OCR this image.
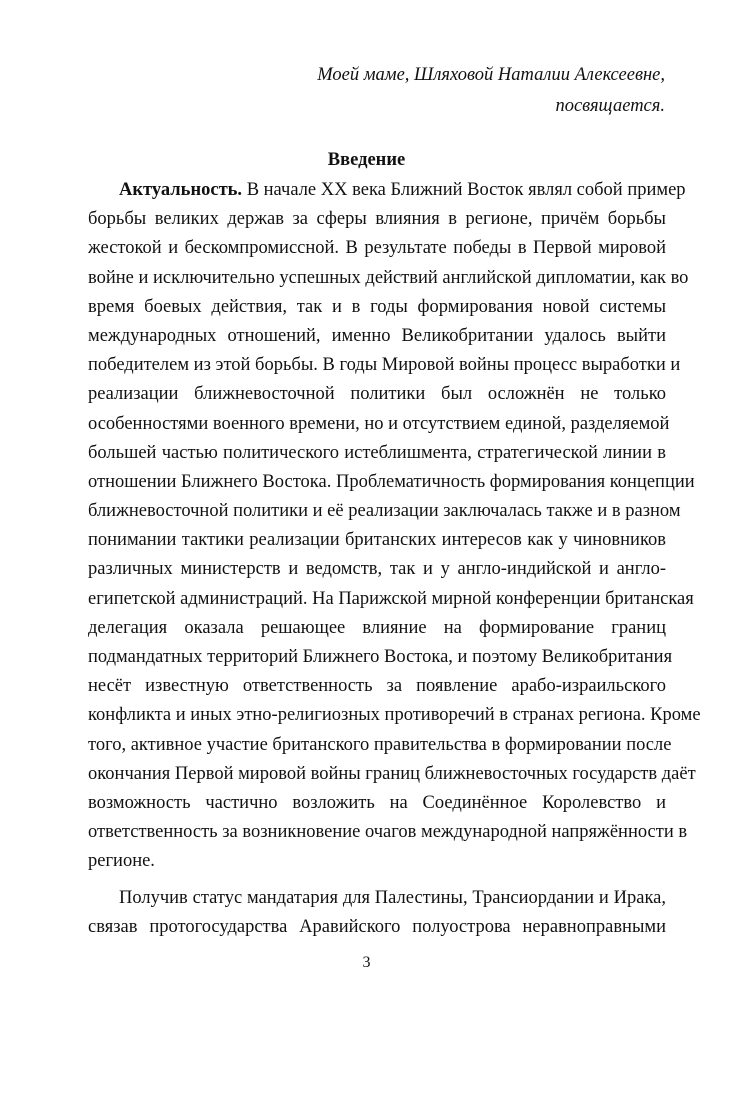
Моей маме, Шляховой Наталии Алексеевне,
посвящается.
Введение
Актуальность. В начале XX века Ближний Восток являл собой пример
борьбы великих держав за сферы влияния в регионе, причём борьбы
жестокой и бескомпромиссной. В результате победы в Первой мировой
войне и исключительно успешных действий английской дипломатии, как во
время боевых действия, так и в годы формирования новой системы
международных отношений, именно Великобритании удалось выйти
победителем из этой борьбы. В годы Мировой войны процесс выработки и
реализации ближневосточной политики был осложнён не только
особенностями военного времени, но и отсутствием единой, разделяемой
большей частью политического истеблишмента, стратегической линии в
отношении Ближнего Востока. Проблематичность формирования концепции
ближневосточной политики и её реализации заключалась также и в разном
понимании тактики реализации британских интересов как у чиновников
различных министерств и ведомств, так и у англо-индийской и англо-
египетской администраций. На Парижской мирной конференции британская
делегация оказала решающее влияние на формирование границ
подмандатных территорий Ближнего Востока, и поэтому Великобритания
несёт известную ответственность за появление арабо-израильского
конфликта и иных этно-религиозных противоречий в странах региона. Кроме
того, активное участие британского правительства в формировании после
окончания Первой мировой войны границ ближневосточных государств даёт
возможность частично возложить на Соединённое Королевство и
ответственность за возникновение очагов международной напряжённости в
регионе.
Получив статус мандатария для Палестины, Трансиордании и Ирака,
связав протогосударства Аравийского полуострова неравноправными
3
